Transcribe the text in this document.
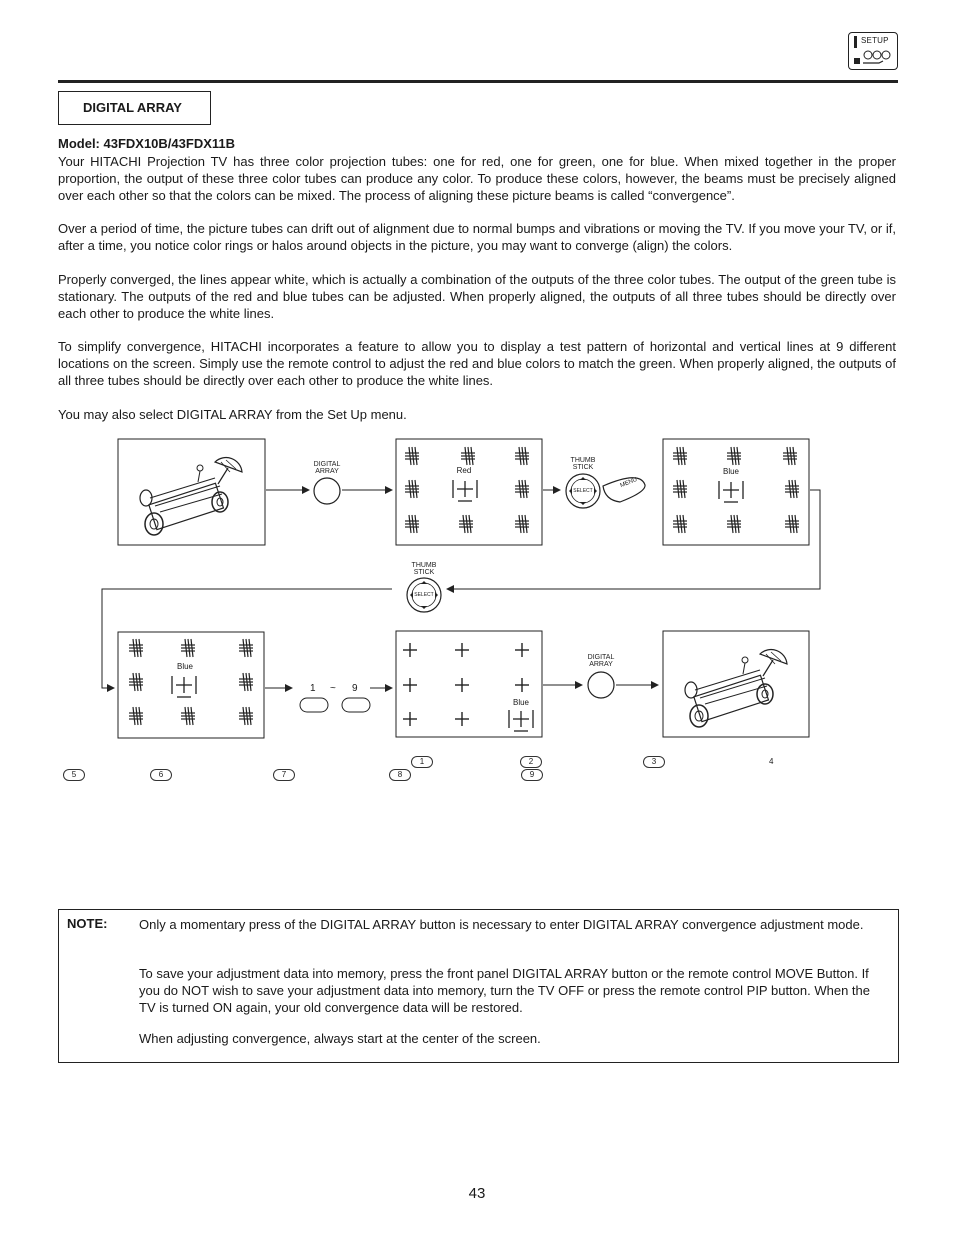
SETUP
DIGITAL ARRAY
Model: 43FDX10B/43FDX11B

Your HITACHI Projection TV has three color projection tubes: one for red, one for green, one for blue. When mixed together in the proper proportion, the output of these three color tubes can produce any color. To produce these colors, however, the beams must be precisely aligned over each other so that the colors can be mixed. The process of aligning these picture beams is called “convergence”.

Over a period of time, the picture tubes can drift out of alignment due to normal bumps and vibrations or moving the TV. If you move your TV, or if, after a time, you notice color rings or halos around objects in the picture, you may want to converge (align) the colors.

Properly converged, the lines appear white, which is actually a combination of the outputs of the three color tubes. The output of the green tube is stationary. The outputs of the red and blue tubes can be adjusted. When properly aligned, the outputs of all three tubes should be directly over each other to produce the white lines.

To simplify convergence, HITACHI incorporates a feature to allow you to display a test pattern of horizontal and vertical lines at 9 different locations on the screen. Simply use the remote control to adjust the red and blue colors to match the green. When properly aligned, the outputs of all three tubes should be directly over each other to produce the white lines.

You may also select DIGITAL ARRAY from the Set Up menu.

DIGITAL
ARRAY
THUMB
STICK
SELECT
MENU
THUMB
STICK
SELECT
DIGITAL
ARRAY
Red	Blue
Blue
Blue
1 ~ 9
1	2	3	4
5	6	7	8	9
NOTE: Only a momentary press of the DIGITAL ARRAY button is necessary to enter DIGITAL ARRAY convergence adjustment mode.

To save your adjustment data into memory, press the front panel DIGITAL ARRAY button or the remote control MOVE Button. If you do NOT wish to save your adjustment data into memory, turn the TV OFF or press the remote control PIP button. When the TV is turned ON again, your old convergence data will be restored.

When adjusting convergence, always start at the center of the screen.

43
